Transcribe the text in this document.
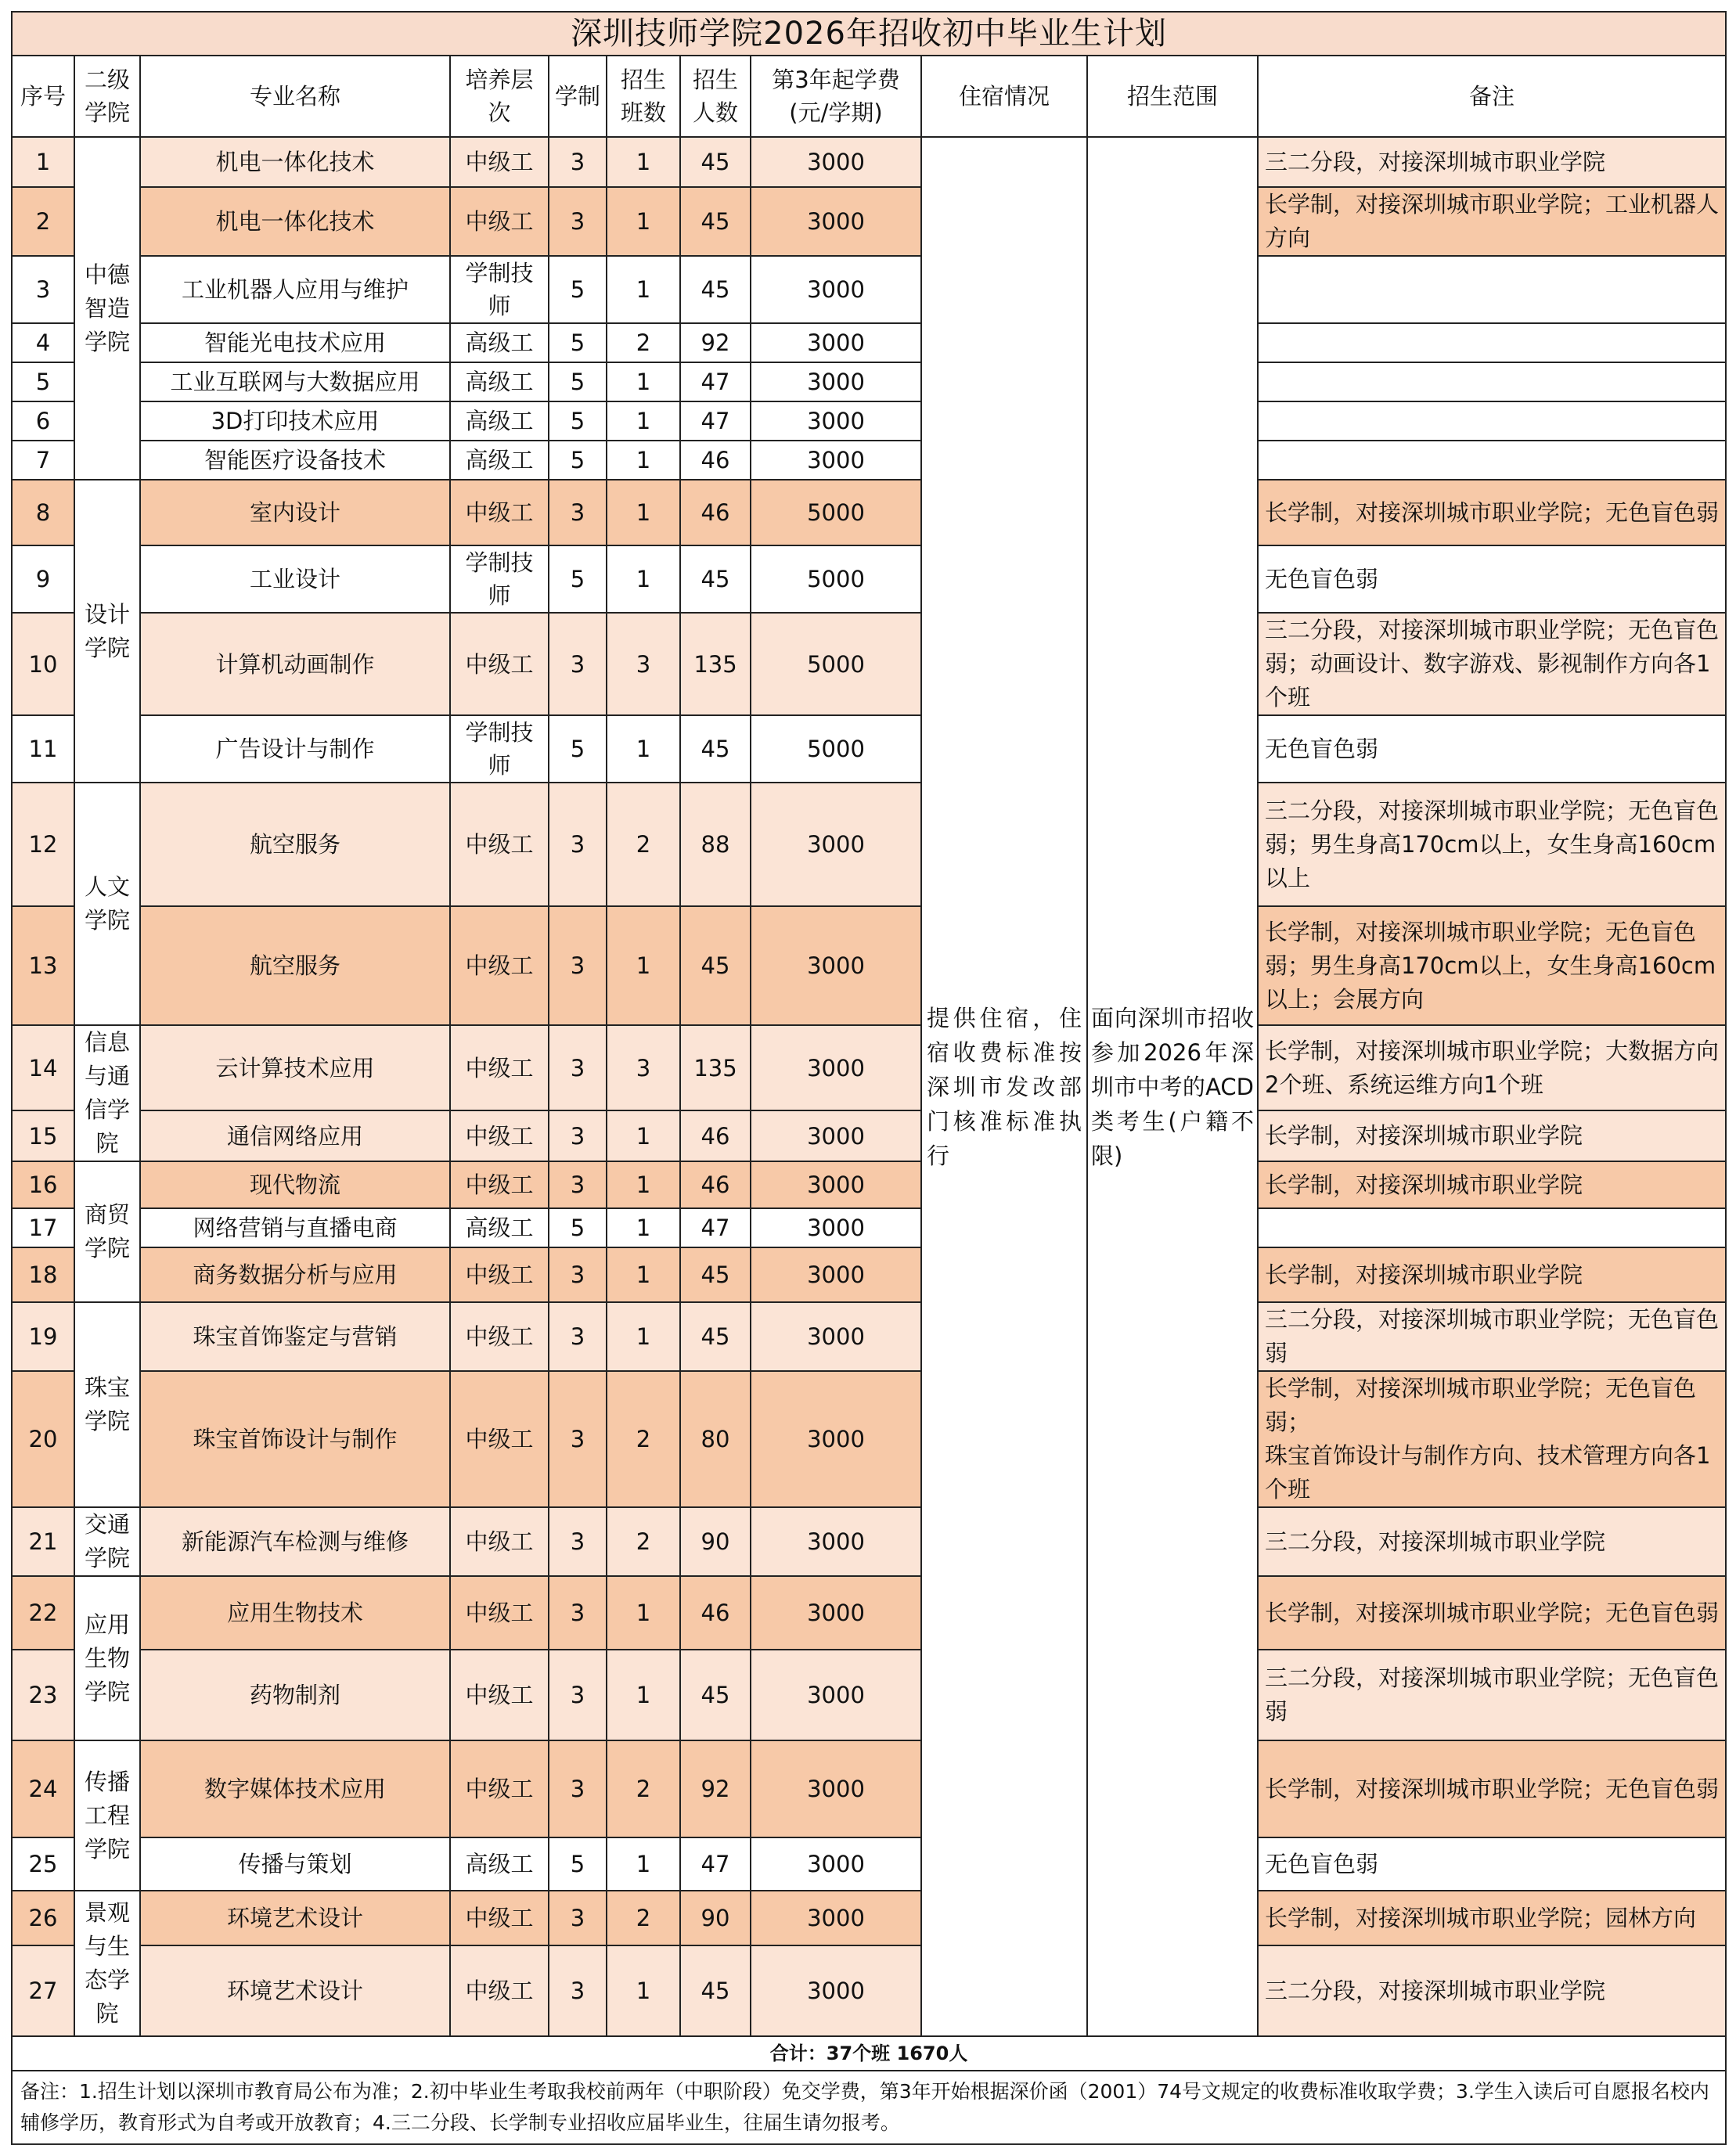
深圳技师学院2026年招收初中毕业生计划										
序号	二级学院	专业名称	培养层次	学制	招生班数	招生人数	第3年起学费(元/学期)	住宿情况	招生范围	备注
1	中德智造学院	机电一体化技术	中级工	3	1	45	3000	提供住宿，住宿收费标准按深圳市发改部门核准标准执行	面向深圳市招收参加2026年深圳市中考的ACD类考生(户籍不限)	三二分段，对接深圳城市职业学院
2		机电一体化技术	中级工	3	1	45	3000			长学制，对接深圳城市职业学院；工业机器人方向
3		工业机器人应用与维护	学制技师	5	1	45	3000			
4		智能光电技术应用	高级工	5	2	92	3000			
5		工业互联网与大数据应用	高级工	5	1	47	3000			
6		3D打印技术应用	高级工	5	1	47	3000			
7		智能医疗设备技术	高级工	5	1	46	3000			
8	设计学院	室内设计	中级工	3	1	46	5000			长学制，对接深圳城市职业学院；无色盲色弱
9		工业设计	学制技师	5	1	45	5000			无色盲色弱
10		计算机动画制作	中级工	3	3	135	5000			三二分段，对接深圳城市职业学院；无色盲色弱；动画设计、数字游戏、影视制作方向各1个班
11		广告设计与制作	学制技师	5	1	45	5000			无色盲色弱
12	人文学院	航空服务	中级工	3	2	88	3000			三二分段，对接深圳城市职业学院；无色盲色弱；男生身高170cm以上，女生身高160cm以上
13		航空服务	中级工	3	1	45	3000			长学制，对接深圳城市职业学院；无色盲色弱；男生身高170cm以上，女生身高160cm以上；会展方向
14	信息与通信学院	云计算技术应用	中级工	3	3	135	3000			长学制，对接深圳城市职业学院；大数据方向2个班、系统运维方向1个班
15		通信网络应用	中级工	3	1	46	3000			长学制，对接深圳城市职业学院
16	商贸学院	现代物流	中级工	3	1	46	3000			长学制，对接深圳城市职业学院
17		网络营销与直播电商	高级工	5	1	47	3000			
18		商务数据分析与应用	中级工	3	1	45	3000			长学制，对接深圳城市职业学院
19	珠宝学院	珠宝首饰鉴定与营销	中级工	3	1	45	3000			三二分段，对接深圳城市职业学院；无色盲色弱
20		珠宝首饰设计与制作	中级工	3	2	80	3000			长学制，对接深圳城市职业学院；无色盲色弱；
珠宝首饰设计与制作方向、技术管理方向各1个班
21	交通学院	新能源汽车检测与维修	中级工	3	2	90	3000			三二分段，对接深圳城市职业学院
22	应用生物学院	应用生物技术	中级工	3	1	46	3000			长学制，对接深圳城市职业学院；无色盲色弱
23		药物制剂	中级工	3	1	45	3000			三二分段，对接深圳城市职业学院；无色盲色弱
24	传播工程学院	数字媒体技术应用	中级工	3	2	92	3000			长学制，对接深圳城市职业学院；无色盲色弱
25		传播与策划	高级工	5	1	47	3000			无色盲色弱
26	景观与生态学院	环境艺术设计	中级工	3	2	90	3000			长学制，对接深圳城市职业学院；园林方向
27		环境艺术设计	中级工	3	1	45	3000			三二分段，对接深圳城市职业学院
合计：37个班 1670人										
备注：1.招生计划以深圳市教育局公布为准；2.初中毕业生考取我校前两年（中职阶段）免交学费，第3年开始根据深价函（2001）74号文规定的收费标准收取学费；3.学生入读后可自愿报名校内辅修学历，教育形式为自考或开放教育；4.三二分段、长学制专业招收应届毕业生，往届生请勿报考。										
